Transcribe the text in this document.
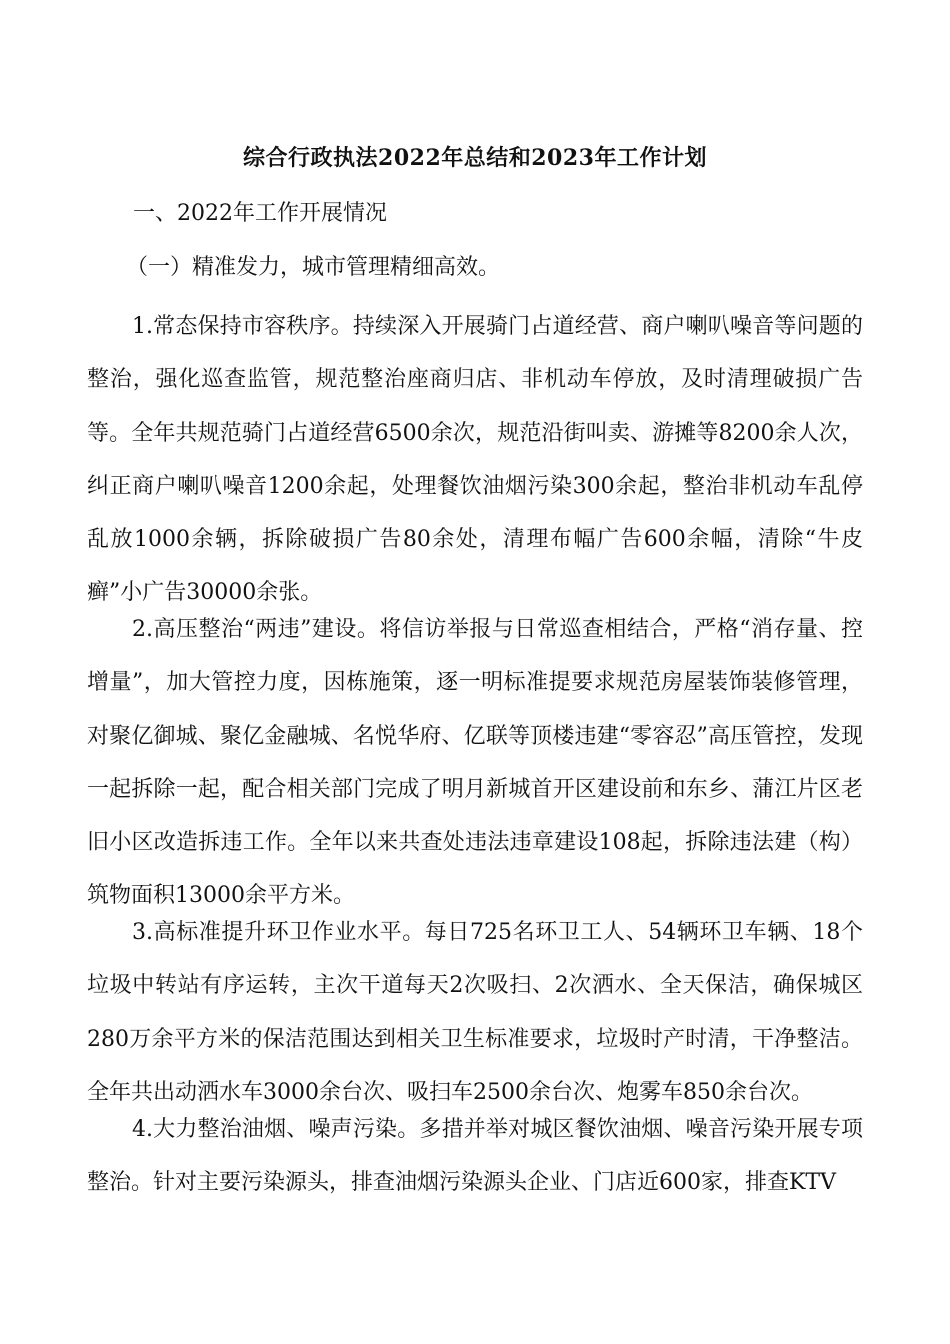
综合行政执法2022年总结和2023年工作计划
一、2022年工作开展情况
（一）精准发力，城市管理精细高效。

1.常态保持市容秩序。持续深入开展骑门占道经营、商户喇叭噪音等问题的整治，强化巡查监管，规范整治座商归店、非机动车停放，及时清理破损广告等。全年共规范骑门占道经营6500余次，规范沿街叫卖、游摊等8200余人次，纠正商户喇叭噪音1200余起，处理餐饮油烟污染300余起，整治非机动车乱停乱放1000余辆，拆除破损广告80余处，清理布幅广告600余幅，清除“牛皮癣”小广告30000余张。

2.高压整治“两违”建设。将信访举报与日常巡查相结合，严格“消存量、控增量”，加大管控力度，因栋施策，逐一明标准提要求规范房屋装饰装修管理，对聚亿御城、聚亿金融城、名悦华府、亿联等顶楼违建“零容忍”高压管控，发现一起拆除一起，配合相关部门完成了明月新城首开区建设前和东乡、蒲江片区老旧小区改造拆违工作。全年以来共查处违法违章建设108起，拆除违法建（构）筑物面积13000余平方米。

3.高标准提升环卫作业水平。每日725名环卫工人、54辆环卫车辆、18个垃圾中转站有序运转，主次干道每天2次吸扫、2次洒水、全天保洁，确保城区280万余平方米的保洁范围达到相关卫生标准要求，垃圾时产时清，干净整洁。全年共出动洒水车3000余台次、吸扫车2500余台次、炮雾车850余台次。

4.大力整治油烟、噪声污染。多措并举对城区餐饮油烟、噪音污染开展专项整治。针对主要污染源头，排查油烟污染源头企业、门店近600家，排查KTV
